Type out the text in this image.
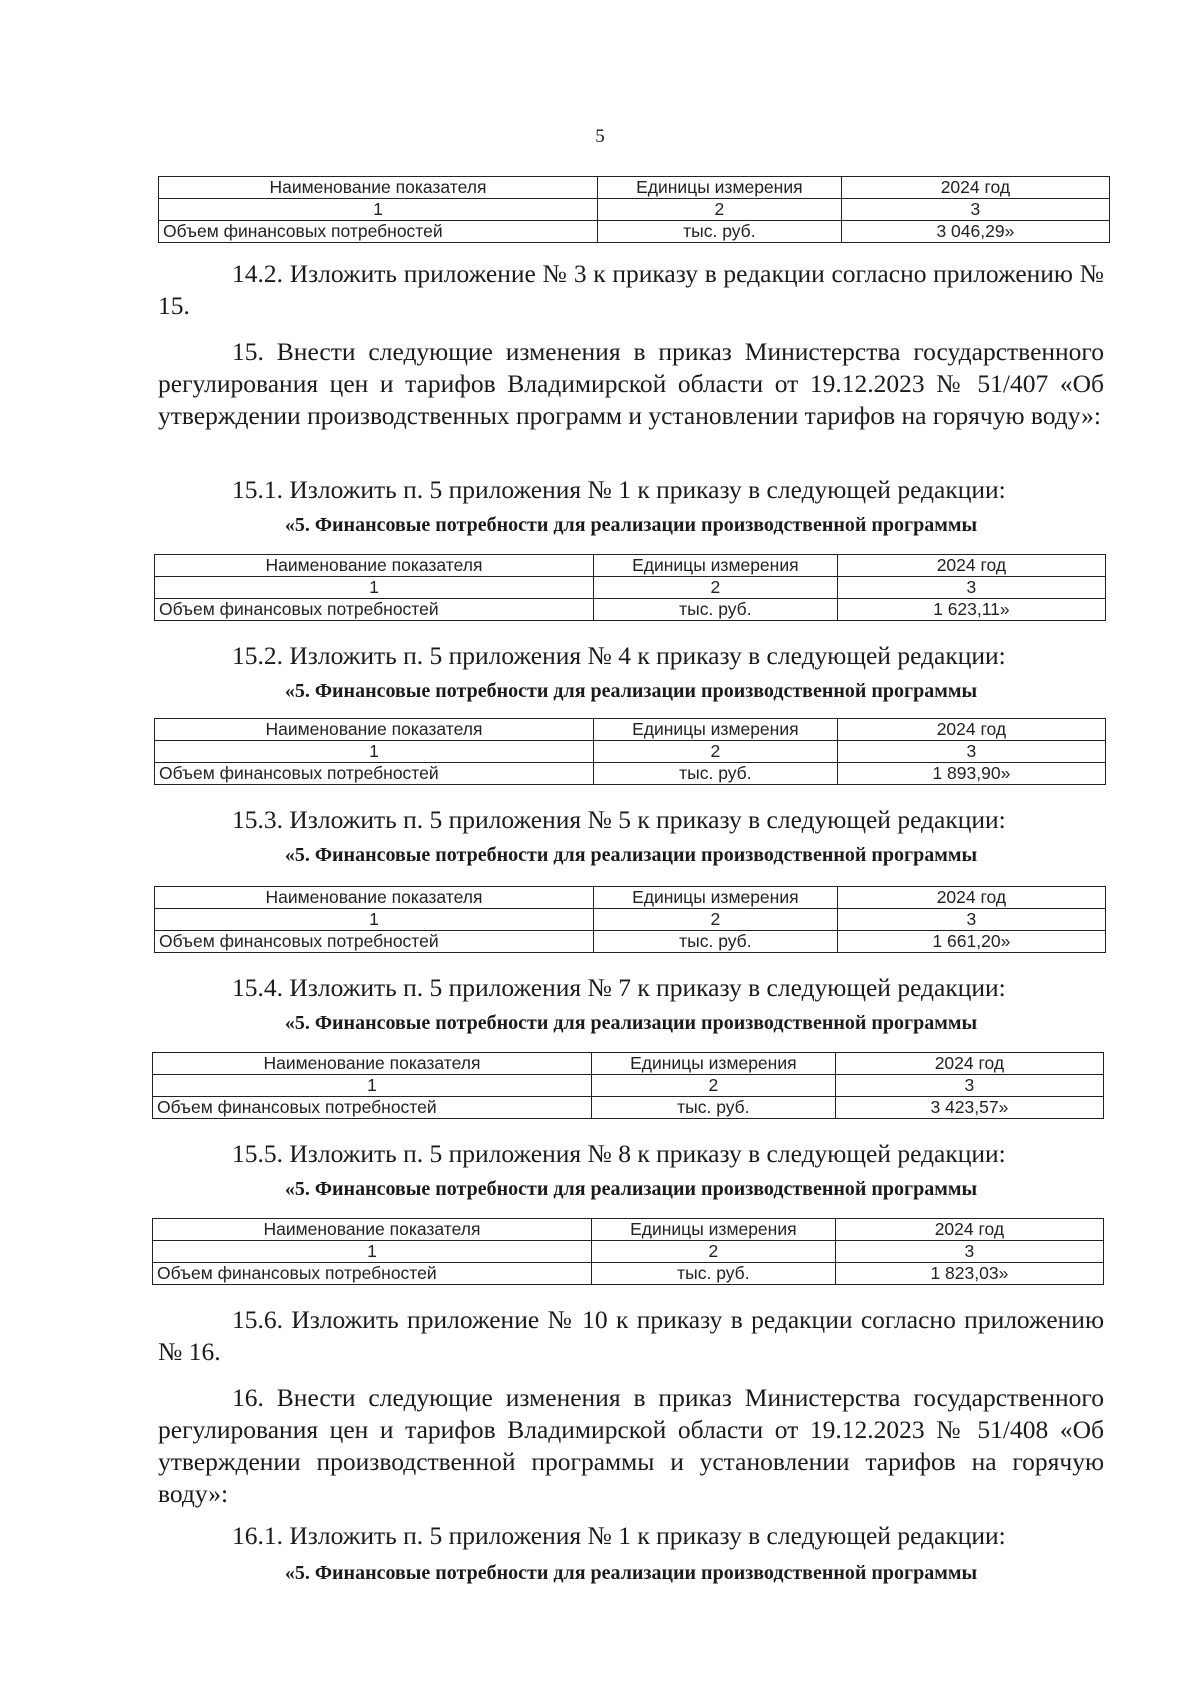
5
Наименование показателя	Единицы измерения	2024 год
1	2	3
Объем финансовых потребностей	тыс. руб.	3 046,29»
14.2. Изложить приложение № 3 к приказу в редакции согласно приложению № 15.
15. Внести следующие изменения в приказ Министерства государственного регулирования цен и тарифов Владимирской области от 19.12.2023 № 51/407 «Об утверждении производственных программ и установлении тарифов на горячую воду»:
15.1. Изложить п. 5 приложения № 1 к приказу в следующей редакции:
«5. Финансовые потребности для реализации производственной программы
Наименование показателя	Единицы измерения	2024 год
1	2	3
Объем финансовых потребностей	тыс. руб.	1 623,11»
15.2. Изложить п. 5 приложения № 4 к приказу в следующей редакции:
«5. Финансовые потребности для реализации производственной программы
Наименование показателя	Единицы измерения	2024 год
1	2	3
Объем финансовых потребностей	тыс. руб.	1 893,90»
15.3. Изложить п. 5 приложения № 5 к приказу в следующей редакции:
«5. Финансовые потребности для реализации производственной программы
Наименование показателя	Единицы измерения	2024 год
1	2	3
Объем финансовых потребностей	тыс. руб.	1 661,20»
15.4. Изложить п. 5 приложения № 7 к приказу в следующей редакции:
«5. Финансовые потребности для реализации производственной программы
Наименование показателя	Единицы измерения	2024 год
1	2	3
Объем финансовых потребностей	тыс. руб.	3 423,57»
15.5. Изложить п. 5 приложения № 8 к приказу в следующей редакции:
«5. Финансовые потребности для реализации производственной программы
Наименование показателя	Единицы измерения	2024 год
1	2	3
Объем финансовых потребностей	тыс. руб.	1 823,03»
15.6. Изложить приложение № 10 к приказу в редакции согласно приложению № 16.
16. Внести следующие изменения в приказ Министерства государственного регулирования цен и тарифов Владимирской области от 19.12.2023 № 51/408 «Об утверждении производственной программы и установлении тарифов на горячую воду»:
16.1. Изложить п. 5 приложения № 1 к приказу в следующей редакции:
«5. Финансовые потребности для реализации производственной программы
